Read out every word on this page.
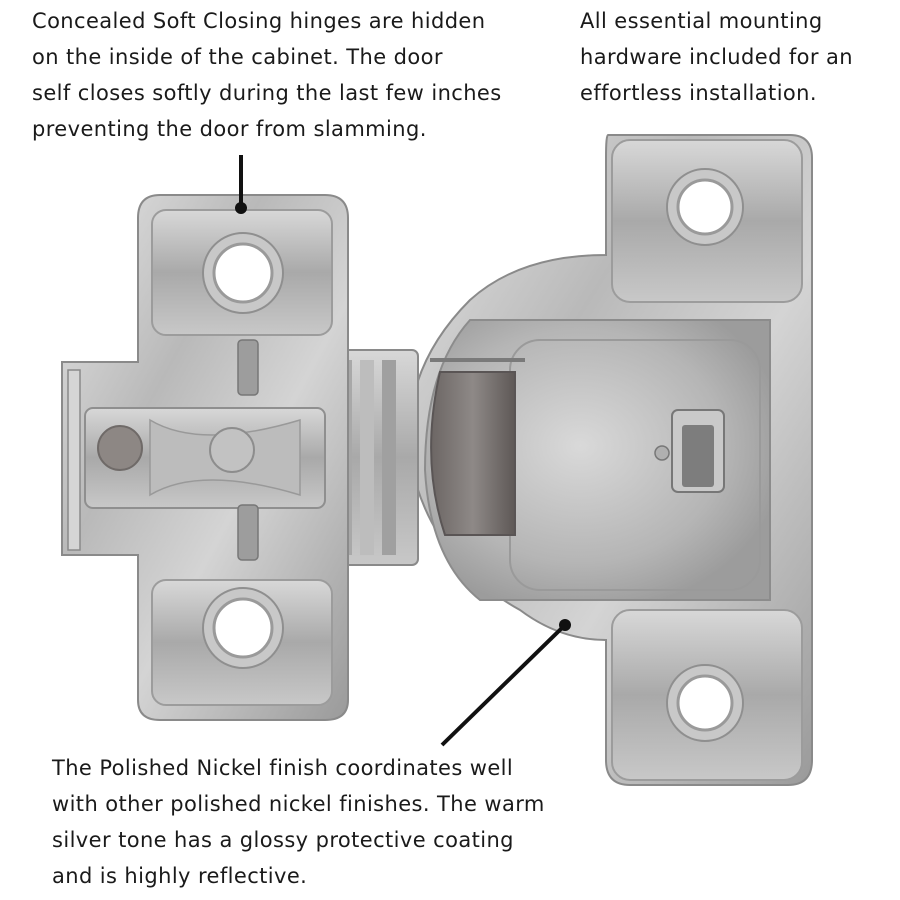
Concealed Soft Closing hinges are hidden
on the inside of the cabinet. The door
self closes softly during the last few inches
preventing the door from slamming.

All essential mounting
hardware included for an
effortless installation.

The Polished Nickel finish coordinates well
with other polished nickel finishes. The warm
silver tone has a glossy protective coating
and is highly reflective.
